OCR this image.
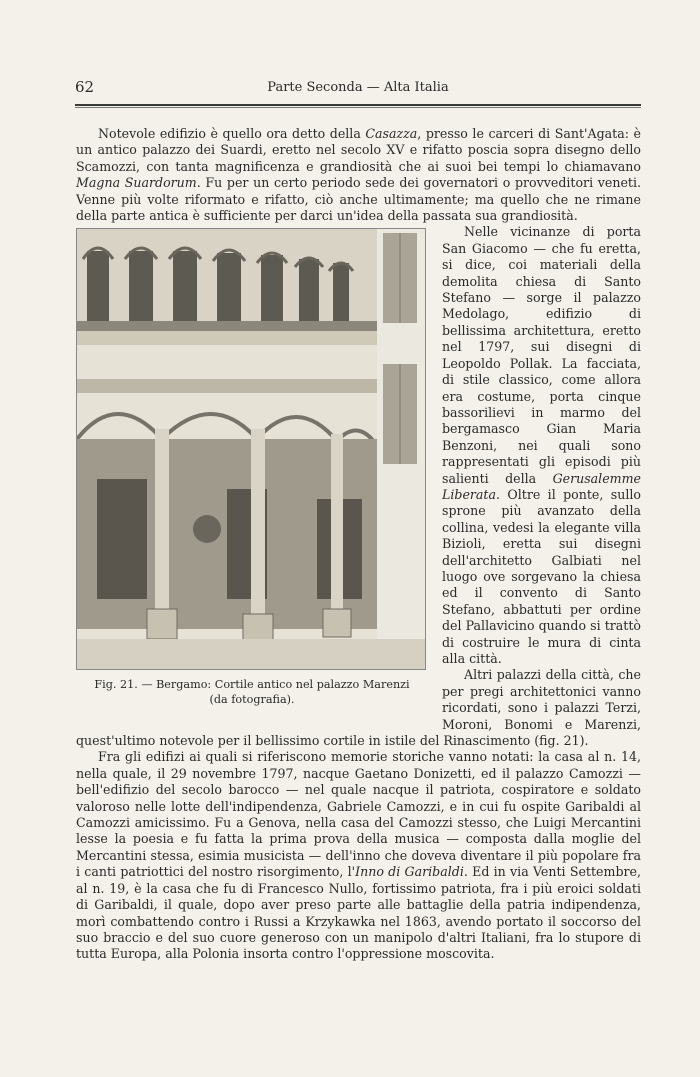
62	Parte Seconda — Alta Italia

Notevole edifizio è quello ora detto della Casazza, presso le carceri di Sant'Agata: è un antico palazzo dei Suardi, eretto nel secolo XV e rifatto poscia sopra disegno dello Scamozzi, con tanta magnificenza e grandiosità che ai suoi bei tempi lo chiamavano Magna Suardorum. Fu per un certo periodo sede dei governatori o provveditori veneti. Venne più volte riformato e rifatto, ciò anche ultimamente; ma quello che ne rimane della parte antica è sufficiente per darci un'idea della passata sua grandiosità.

Fig. 21. — Bergamo: Cortile antico nel palazzo Marenzi
(da fotografia).

Nelle vicinanze di porta San Giacomo — che fu eretta, si dice, coi materiali della demolita chiesa di Santo Stefano — sorge il palazzo Medolago, edifizio di bellissima architettura, eretto nel 1797, sui disegni di Leopoldo Pollak. La facciata, di stile classico, come allora era costume, porta cinque bassorilievi in marmo del bergamasco Gian Maria Benzoni, nei quali sono rappresentati gli episodi più salienti della Gerusalemme Liberata. Oltre il ponte, sullo sprone più avanzato della collina, vedesi la elegante villa Bizioli, eretta sui disegni dell'architetto Galbiati nel luogo ove sorgevano la chiesa ed il convento di Santo Stefano, abbattuti per ordine del Pallavicino quando si trattò di costruire le mura di cinta alla città.

Altri palazzi della città, che per pregi architettonici vanno ricordati, sono i palazzi Terzi, Moroni, Bonomi e Marenzi, quest'ultimo notevole per il bellissimo cortile in istile del Rinascimento (fig. 21).

Fra gli edifizi ai quali si riferiscono memorie storiche vanno notati: la casa al n. 14, nella quale, il 29 novembre 1797, nacque Gaetano Donizetti, ed il palazzo Camozzi — bell'edifizio del secolo barocco — nel quale nacque il patriota, cospiratore e soldato valoroso nelle lotte dell'indipendenza, Gabriele Camozzi, e in cui fu ospite Garibaldi al Camozzi amicissimo. Fu a Genova, nella casa del Camozzi stesso, che Luigi Mercantini lesse la poesia e fu fatta la prima prova della musica — composta dalla moglie del Mercantini stessa, esimia musicista — dell'inno che doveva diventare il più popolare fra i canti patriottici del nostro risorgimento, l'Inno di Garibaldi. Ed in via Venti Settembre, al n. 19, è la casa che fu di Francesco Nullo, fortissimo patriota, fra i più eroici soldati di Garibaldi, il quale, dopo aver preso parte alle battaglie della patria indipendenza, morì combattendo contro i Russi a Krzykawka nel 1863, avendo portato il soccorso del suo braccio e del suo cuore generoso con un manipolo d'altri Italiani, fra lo stupore di tutta Europa, alla Polonia insorta contro l'oppressione moscovita.
